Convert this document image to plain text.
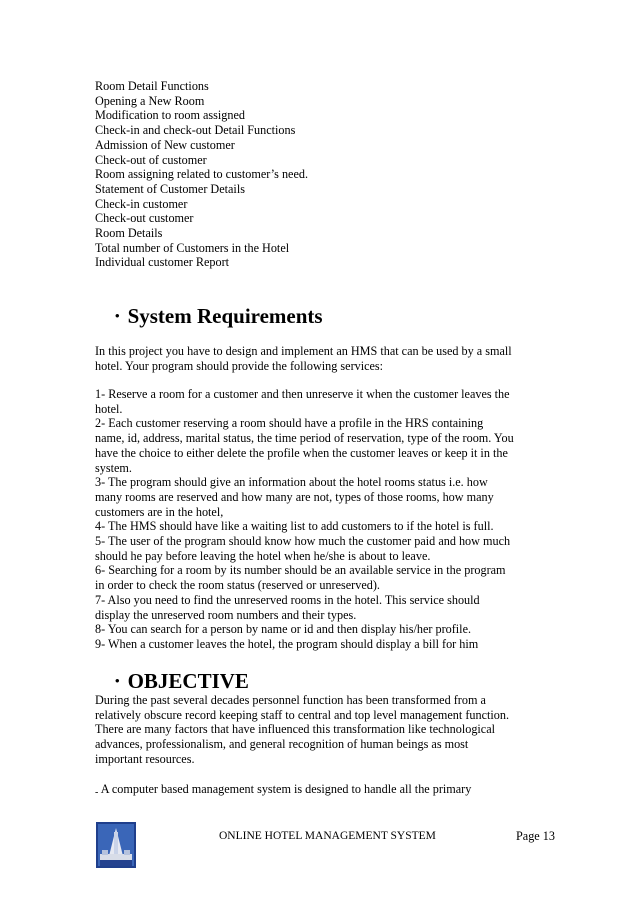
Room Detail Functions
Opening a New Room
Modification to room assigned
Check-in and check-out Detail Functions
Admission of New customer
Check-out of customer
Room assigning related to customer’s need.
Statement of Customer Details
Check-in customer
Check-out customer
Room Details
Total number of Customers in the Hotel
Individual customer Report
• System Requirements
In this project you have to design and implement an HMS that can be used by a small
hotel. Your program should provide the following services:
1- Reserve a room for a customer and then unreserve it when the customer leaves the
hotel.
2- Each customer reserving a room should have a profile in the HRS containing
name, id, address, marital status, the time period of reservation, type of the room. You
have the choice to either delete the profile when the customer leaves or keep it in the
system.
3- The program should give an information about the hotel rooms status i.e. how
many rooms are reserved and how many are not, types of those rooms, how many
customers are in the hotel,
4- The HMS should have like a waiting list to add customers to if the hotel is full.
5- The user of the program should know how much the customer paid and how much
should he pay before leaving the hotel when he/she is about to leave.
6- Searching for a room by its number should be an available service in the program
in order to check the room status (reserved or unreserved).
7- Also you need to find the unreserved rooms in the hotel. This service should
display the unreserved room numbers and their types.
8- You can search for a person by name or id and then display his/her profile.
9- When a customer leaves the hotel, the program should display a bill for him
• OBJECTIVE
During the past several decades personnel function has been transformed from a
relatively obscure record keeping staff to central and top level management function.
There are many factors that have influenced this transformation like technological
advances, professionalism, and general recognition of human beings as most
important resources.
- A computer based management system is designed to handle all the primary
ONLINE HOTEL MANAGEMENT SYSTEM	Page 13
